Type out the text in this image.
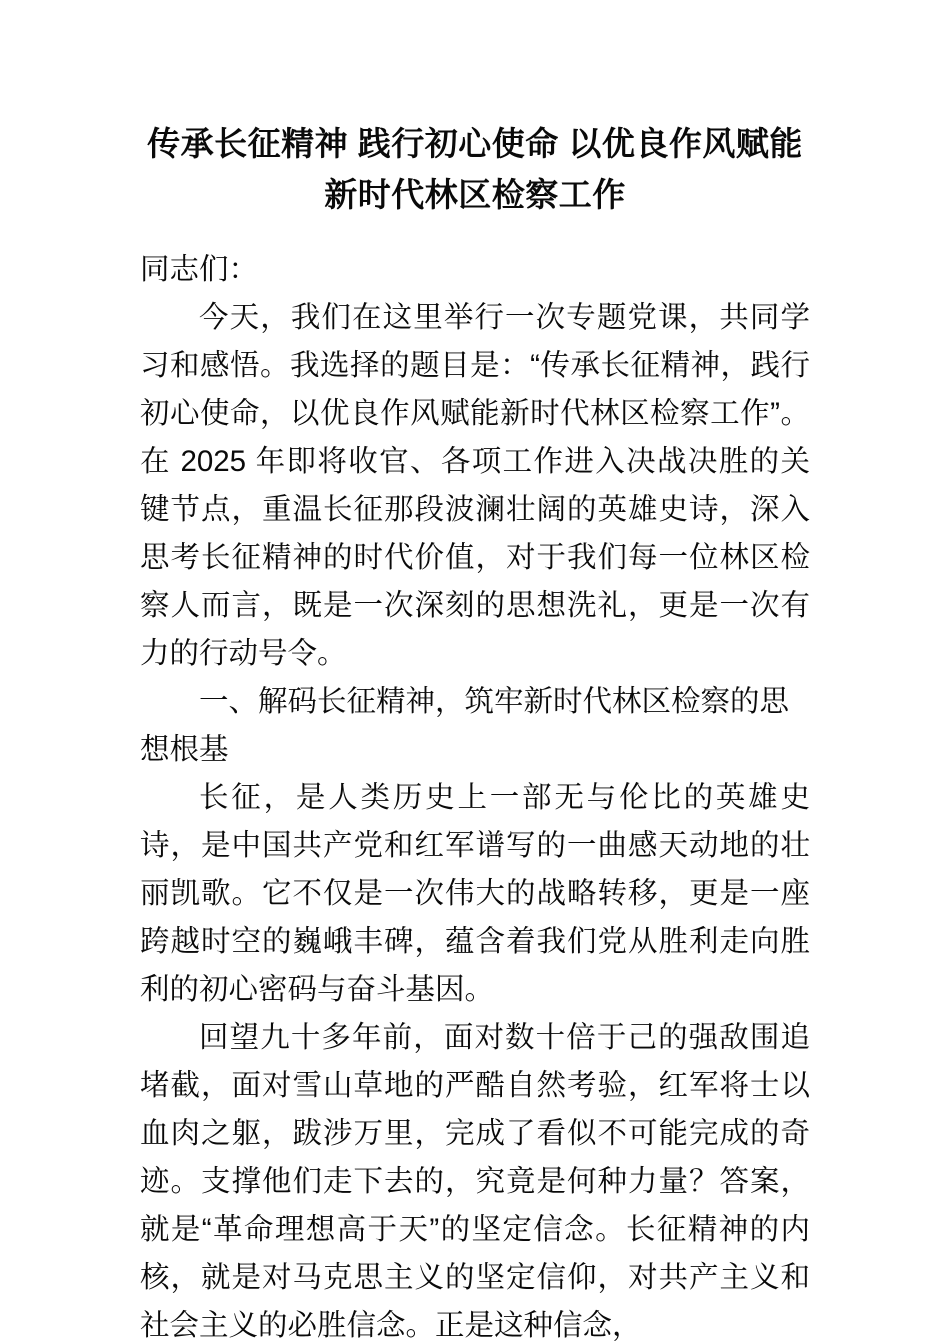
传承长征精神 践行初心使命 以优良作风赋能新时代林区检察工作

同志们：

今天，我们在这里举行一次专题党课，共同学习和感悟。我选择的题目是：“传承长征精神，践行初心使命，以优良作风赋能新时代林区检察工作”。在 2025 年即将收官、各项工作进入决战决胜的关键节点，重温长征那段波澜壮阔的英雄史诗，深入思考长征精神的时代价值，对于我们每一位林区检察人而言，既是一次深刻的思想洗礼，更是一次有力的行动号令。

一、解码长征精神，筑牢新时代林区检察的思想根基

长征，是人类历史上一部无与伦比的英雄史诗，是中国共产党和红军谱写的一曲感天动地的壮丽凯歌。它不仅是一次伟大的战略转移，更是一座跨越时空的巍峨丰碑，蕴含着我们党从胜利走向胜利的初心密码与奋斗基因。

回望九十多年前，面对数十倍于己的强敌围追堵截，面对雪山草地的严酷自然考验，红军将士以血肉之躯，跋涉万里，完成了看似不可能完成的奇迹。支撑他们走下去的，究竟是何种力量？答案，就是“革命理想高于天”的坚定信念。长征精神的内核，就是对马克思主义的坚定信仰，对共产主义和社会主义的必胜信念。正是这种信念，
